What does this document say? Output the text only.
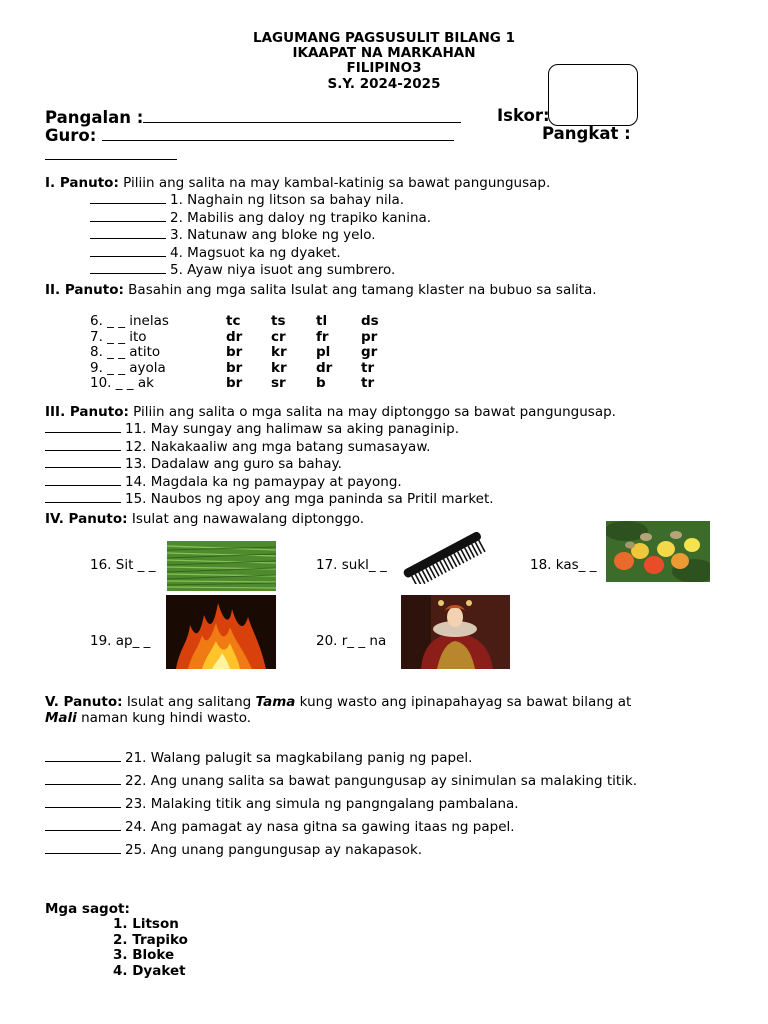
LAGUMANG PAGSUSULIT BILANG 1
IKAAPAT NA MARKAHAN
FILIPINO3
S.Y. 2024-2025
Pangalan :	Iskor:
Guro:	Pangkat :
I. Panuto: Piliin ang salita na may kambal-katinig sa bawat pangungusap.
1. Naghain ng litson sa bahay nila.
2. Mabilis ang daloy ng trapiko kanina.
3. Natunaw ang bloke ng yelo.
4. Magsuot ka ng dyaket.
5. Ayaw niya isuot ang sumbrero.
II. Panuto: Basahin ang mga salita Isulat ang tamang klaster na bubuo sa salita.
6. _ _ inelas	tc ts tl	ds
7. _ _ ito	dr cr fr pr
8. _ _ atito	br kr pl gr
9. _ _ ayola	br kr dr tr
10. _ _ ak	br sr b	tr
III. Panuto: Piliin ang salita o mga salita na may diptonggo sa bawat pangungusap.
11. May sungay ang halimaw sa aking panaginip.
12. Nakakaaliw ang mga batang sumasayaw.
13. Dadalaw ang guro sa bahay.
14. Magdala ka ng pamaypay at payong.
15. Naubos ng apoy ang mga paninda sa Pritil market.
IV. Panuto: Isulat ang nawawalang diptonggo.
16. Sit _ _	17. sukl_ _	18. kas_ _
19. ap_ _	20. r_ _ na
V. Panuto: Isulat ang salitang Tama kung wasto ang ipinapahayag sa bawat bilang at
Mali naman kung hindi wasto.
21. Walang palugit sa magkabilang panig ng papel.
22. Ang unang salita sa bawat pangungusap ay sinimulan sa malaking titik.
23. Malaking titik ang simula ng pangngalang pambalana.
24. Ang pamagat ay nasa gitna sa gawing itaas ng papel.
25. Ang unang pangungusap ay nakapasok.
Mga sagot:
1. Litson
2. Trapiko
3. Bloke
4. Dyaket
